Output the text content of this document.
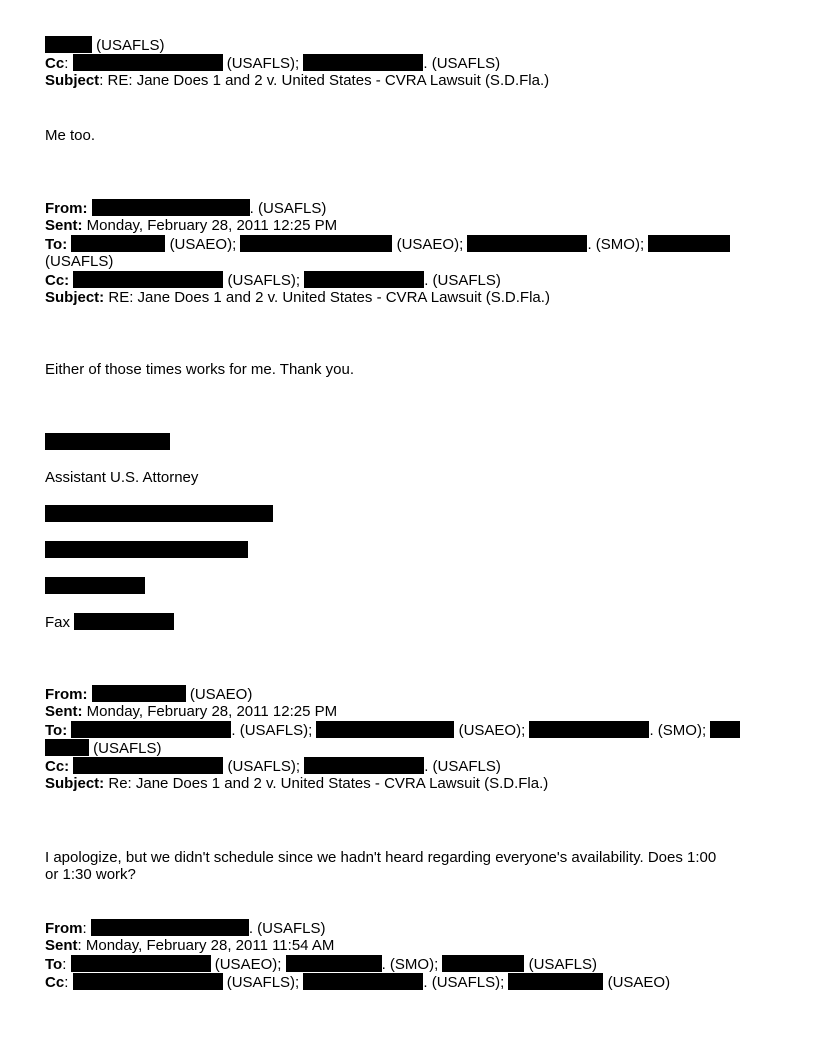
(USAFLS)
Cc:	(USAFLS);	. (USAFLS)
Subject: RE: Jane Does 1 and 2 v. United States - CVRA Lawsuit (S.D.Fla.)
Me too.
From:	. (USAFLS)
Sent: Monday, February 28, 2011 12:25 PM
To:	(USAEO);	(USAEO);	. (SMO);
(USAFLS)
Cc:	(USAFLS);	. (USAFLS)
Subject: RE: Jane Does 1 and 2 v. United States - CVRA Lawsuit (S.D.Fla.)
Either of those times works for me. Thank you.
Assistant U.S. Attorney
Fax
From:	(USAEO)
Sent: Monday, February 28, 2011 12:25 PM
To:	. (USAFLS);	(USAEO);	. (SMO);
(USAFLS)
Cc:	(USAFLS);	. (USAFLS)
Subject: Re: Jane Does 1 and 2 v. United States - CVRA Lawsuit (S.D.Fla.)
I apologize, but we didn't schedule since we hadn't heard regarding everyone's availability. Does 1:00
or 1:30 work?
From:	. (USAFLS)
Sent: Monday, February 28, 2011 11:54 AM
To:	(USAEO);	. (SMO);	(USAFLS)
Cc:	(USAFLS);	. (USAFLS);	(USAEO)
